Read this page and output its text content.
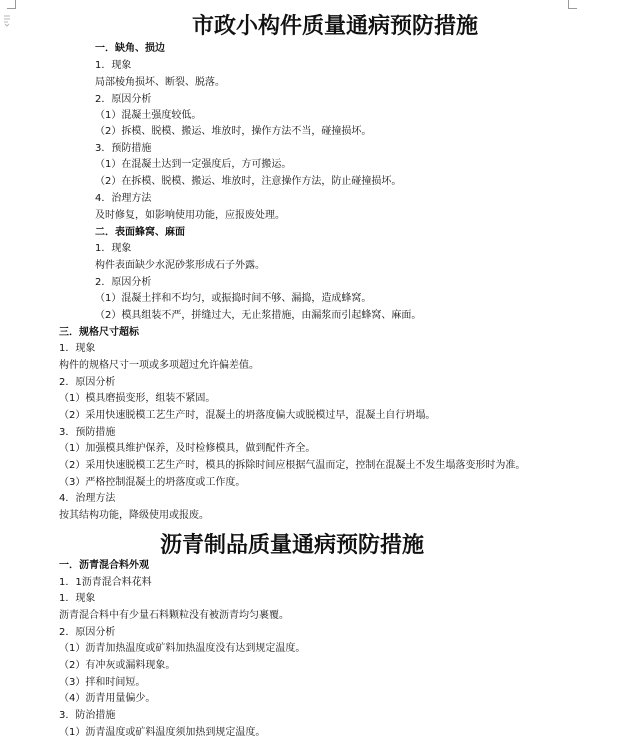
市政小构件质量通病预防措施
一．缺角、损边
1．现象
局部棱角损坏、断裂、脱落。
2．原因分析
（1）混凝土强度较低。
（2）拆模、脱模、搬运、堆放时，操作方法不当，碰撞损坏。
3．预防措施
（1）在混凝土达到一定强度后，方可搬运。
（2）在拆模、脱模、搬运、堆放时，注意操作方法，防止碰撞损坏。
4．治理方法
及时修复，如影响使用功能，应报废处理。
二．表面蜂窝、麻面
1．现象
构件表面缺少水泥砂浆形成石子外露。
2．原因分析
（1）混凝土拌和不均匀，或振捣时间不够、漏捣，造成蜂窝。
（2）模具组装不严，拼缝过大，无止浆措施，由漏浆而引起蜂窝、麻面。
三．规格尺寸超标
1．现象
构件的规格尺寸一项或多项超过允许偏差值。
2．原因分析
（1）模具磨损变形，组装不紧固。
（2）采用快速脱模工艺生产时，混凝土的坍落度偏大或脱模过早，混凝土自行坍塌。
3．预防措施
（1）加强模具维护保养，及时检修模具，做到配件齐全。
（2）采用快速脱模工艺生产时，模具的拆除时间应根据气温而定，控制在混凝土不发生塌落变形时为准。
（3）严格控制混凝土的坍落度或工作度。
4．治理方法
按其结构功能，降级使用或报废。
沥青制品质量通病预防措施
一．沥青混合料外观
1．1沥青混合料花料
1．现象
沥青混合料中有少量石料颗粒没有被沥青均匀裹覆。
2．原因分析
（1）沥青加热温度或矿料加热温度没有达到规定温度。
（2）有冲灰或漏料现象。
（3）拌和时间短。
（4）沥青用量偏少。
3．防治措施
（1）沥青温度或矿料温度须加热到规定温度。
